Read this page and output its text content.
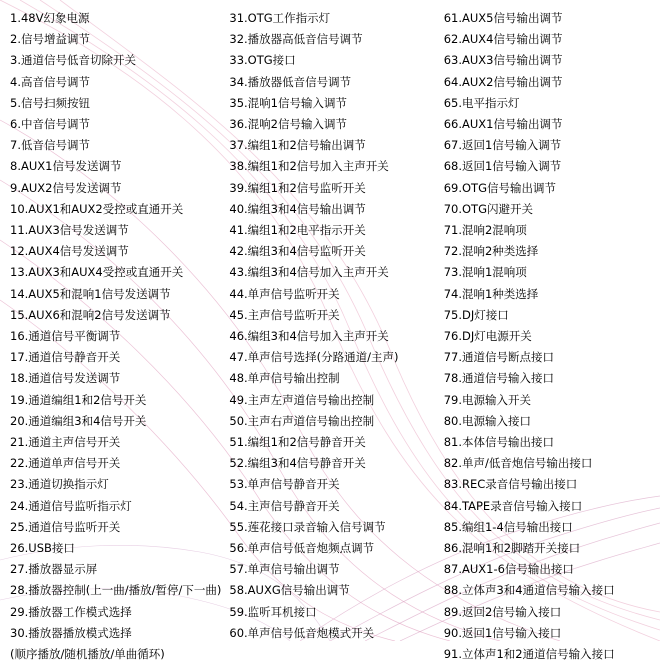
1.48V幻象电源
2.信号增益调节
3.通道信号低音切除开关
4.高音信号调节
5.信号扫频按钮
6.中音信号调节
7.低音信号调节
8.AUX1信号发送调节
9.AUX2信号发送调节
10.AUX1和AUX2受控或直通开关
11.AUX3信号发送调节
12.AUX4信号发送调节
13.AUX3和AUX4受控或直通开关
14.AUX5和混响1信号发送调节
15.AUX6和混响2信号发送调节
16.通道信号平衡调节
17.通道信号静音开关
18.通道信号发送调节
19.通道编组1和2信号开关
20.通道编组3和4信号开关
21.通道主声信号开关
22.通道单声信号开关
23.通道切换指示灯
24.通道信号监听指示灯
25.通道信号监听开关
26.USB接口
27.播放器显示屏
28.播放器控制(上一曲/播放/暂停/下一曲)
29.播放器工作模式选择
30.播放器播放模式选择
(顺序播放/随机播放/单曲循环)
31.OTG工作指示灯
32.播放器高低音信号调节
33.OTG接口
34.播放器低音信号调节
35.混响1信号输入调节
36.混响2信号输入调节
37.编组1和2信号输出调节
38.编组1和2信号加入主声开关
39.编组1和2信号监听开关
40.编组3和4信号输出调节
41.编组1和2电平指示开关
42.编组3和4信号监听开关
43.编组3和4信号加入主声开关
44.单声信号监听开关
45.主声信号监听开关
46.编组3和4信号加入主声开关
47.单声信号选择(分路通道/主声)
48.单声信号输出控制
49.主声左声道信号输出控制
50.主声右声道信号输出控制
51.编组1和2信号静音开关
52.编组3和4信号静音开关
53.单声信号静音开关
54.主声信号静音开关
55.莲花接口录音输入信号调节
56.单声信号低音炮频点调节
57.单声信号输出调节
58.AUXG信号输出调节
59.监听耳机接口
60.单声信号低音炮模式开关
61.AUX5信号输出调节
62.AUX4信号输出调节
63.AUX3信号输出调节
64.AUX2信号输出调节
65.电平指示灯
66.AUX1信号输出调节
67.返回1信号输入调节
68.返回1信号输入调节
69.OTG信号输出调节
70.OTG闪避开关
71.混响2混响项
72.混响2种类选择
73.混响1混响项
74.混响1种类选择
75.DJ灯接口
76.DJ灯电源开关
77.通道信号断点接口
78.通道信号输入接口
79.电源输入开关
80.电源输入接口
81.本体信号输出接口
82.单声/低音炮信号输出接口
83.REC录音信号输出接口
84.TAPE录音信号输入接口
85.编组1-4信号输出接口
86.混响1和2脚踏开关接口
87.AUX1-6信号输出接口
88.立体声3和4通道信号输入接口
89.返回2信号输入接口
90.返回1信号输入接口
91.立体声1和2通道信号输入接口
